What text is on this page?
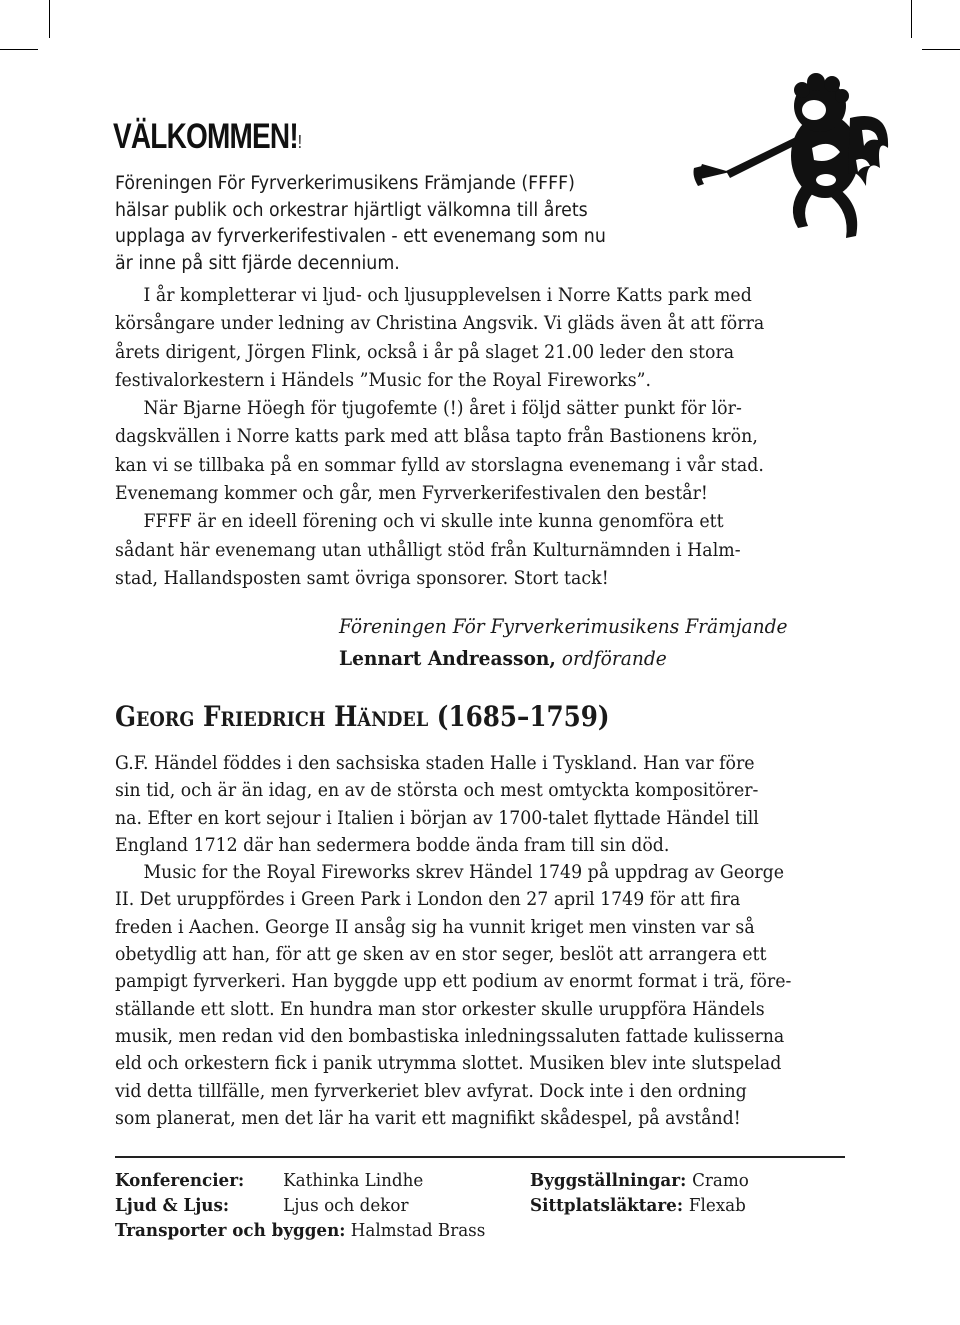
VÄLKOMMEN!!
Föreningen För Fyrverkerimusikens Främjande (FFFF)
hälsar publik och orkestrar hjärtligt välkomna till årets
upplaga av fyrverkerifestivalen - ett evenemang som nu
är inne på sitt fjärde decennium.
I år kompletterar vi ljud- och ljusupplevelsen i Norre Katts park med
körsångare under ledning av Christina Angsvik. Vi gläds även åt att förra
årets dirigent, Jörgen Flink, också i år på slaget 21.00 leder den stora
festivalorkestern i Händels ”Music for the Royal Fireworks”.
När Bjarne Höegh för tjugofemte (!) året i följd sätter punkt för lör-
dagskvällen i Norre katts park med att blåsa tapto från Bastionens krön,
kan vi se tillbaka på en sommar fylld av storslagna evenemang i vår stad.
Evenemang kommer och går, men Fyrverkerifestivalen den består!
FFFF är en ideell förening och vi skulle inte kunna genomföra ett
sådant här evenemang utan uthålligt stöd från Kulturnämnden i Halm-
stad, Hallandsposten samt övriga sponsorer. Stort tack!
Föreningen För Fyrverkerimusikens Främjande
Lennart Andreasson, ordförande
Georg Friedrich Händel (1685–1759)
G.F. Händel föddes i den sachsiska staden Halle i Tyskland. Han var före
sin tid, och är än idag, en av de största och mest omtyckta kompositörer-
na. Efter en kort sejour i Italien i början av 1700-talet flyttade Händel till
England 1712 där han sedermera bodde ända fram till sin död.
Music for the Royal Fireworks skrev Händel 1749 på uppdrag av George
II. Det uruppfördes i Green Park i London den 27 april 1749 för att fira
freden i Aachen. George II ansåg sig ha vunnit kriget men vinsten var så
obetydlig att han, för att ge sken av en stor seger, beslöt att arrangera ett
pampigt fyrverkeri. Han byggde upp ett podium av enormt format i trä, före-
ställande ett slott. En hundra man stor orkester skulle uruppföra Händels
musik, men redan vid den bombastiska inledningssaluten fattade kulisserna
eld och orkestern fick i panik utrymma slottet. Musiken blev inte slutspelad
vid detta tillfälle, men fyrverkeriet blev avfyrat. Dock inte i den ordning
som planerat, men det lär ha varit ett magnifikt skådespel, på avstånd!
Konferencier: Kathinka Lindhe
Ljud & Ljus:	Ljus och dekor
Transporter och byggen: Halmstad Brass
Byggställningar: Cramo
Sittplatsläktare: Flexab
